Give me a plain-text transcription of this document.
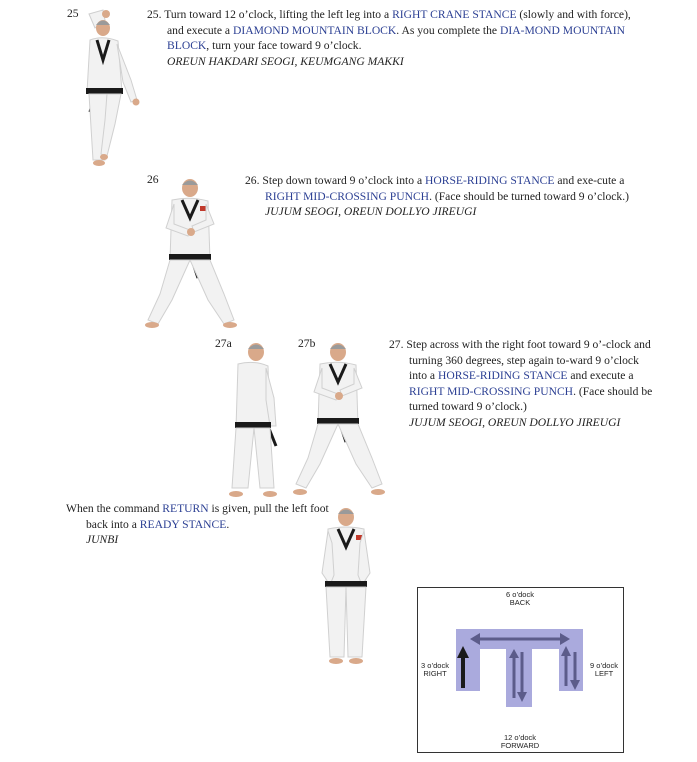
25	25. Turn toward 12 o’clock, lifting the left leg into a RIGHT CRANE STANCE (slowly and with force), and execute a DIAMOND MOUNTAIN BLOCK. As you complete the DIA-MOND MOUNTAIN BLOCK, turn your face toward 9 o’clock.
OREUN HAKDARI SEOGI, KEUMGANG MAKKI
26	26. Step down toward 9 o’clock into a HORSE-RIDING STANCE and exe-cute a RIGHT MID-CROSSING PUNCH. (Face should be turned toward 9 o’clock.)
JUJUM SEOGI, OREUN DOLLYO JIREUGI
27a	27b	27. Step across with the right foot toward 9 o’-clock and turning 360 degrees, step again to-ward 9 o’clock into a HORSE-RIDING STANCE and execute a RIGHT MID-CROSSING PUNCH. (Face should be turned toward 9 o’clock.)
JUJUM SEOGI, OREUN DOLLYO JIREUGI
When the command RETURN is given, pull the left foot back into a READY STANCE.
JUNBI
6 o’dock
BACK
3 o’dock
RIGHT
9 o’dock
LEFT
12 o’dock
FORWARD
